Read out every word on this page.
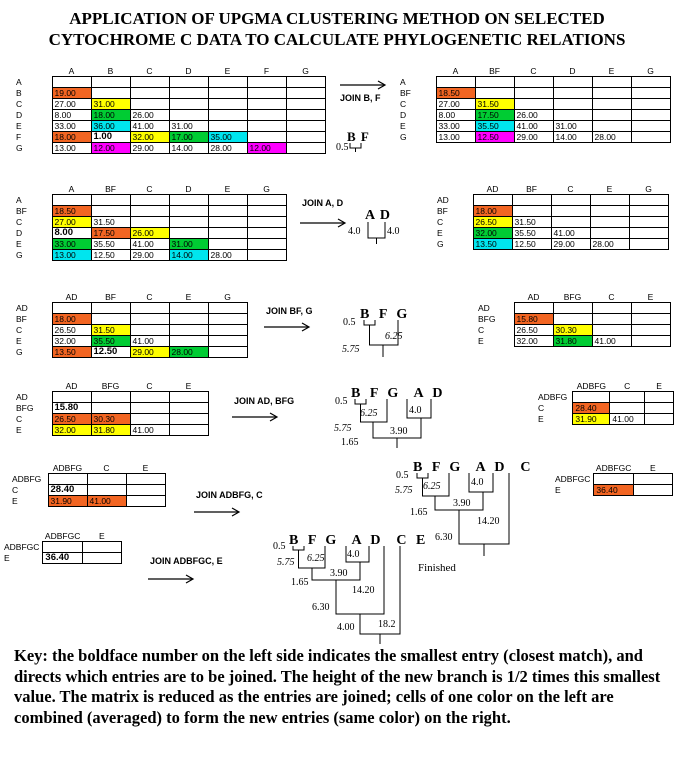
APPLICATION OF UPGMA CLUSTERING METHOD ON SELECTED
CYTOCHROME C DATA TO CALCULATE PHYLOGENETIC RELATIONS
	A	B	C	D	E	F	G
A							
B	19.00						
C	27.00	31.00					
D	8.00	18.00	26.00				
E	33.00	36.00	41.00	31.00			
F	18.00	1.00	32.00	17.00	35.00		
G	13.00	12.00	29.00	14.00	28.00	12.00	
	A	BF	C	D	E	G
A						
BF	18.50					
C	27.00	31.50				
D	8.00	17.50	26.00			
E	33.00	35.50	41.00	31.00		
G	13.00	12.50	29.00	14.00	28.00	
	A	BF	C	D	E	G
A						
BF	18.50					
C	27.00	31.50				
D	8.00	17.50	26.00			
E	33.00	35.50	41.00	31.00		
G	13.00	12.50	29.00	14.00	28.00	
	AD	BF	C	E	G
AD					
BF	18.00				
C	26.50	31.50			
E	32.00	35.50	41.00		
G	13.50	12.50	29.00	28.00	
	AD	BF	C	E	G
AD					
BF	18.00				
C	26.50	31.50			
E	32.00	35.50	41.00		
G	13.50	12.50	29.00	28.00	
	AD	BFG	C	E
AD				
BFG	15.80			
C	26.50	30.30		
E	32.00	31.80	41.00	
	AD	BFG	C	E
AD				
BFG	15.80			
C	26.50	30.30		
E	32.00	31.80	41.00	
	ADBFG	C	E
ADBFG			
C	28.40		
E	31.90	41.00	
	ADBFG	C	E
ADBFG			
C	28.40		
E	31.90	41.00	
	ADBFGC	E
ADBFGC		
E	36.40	
	ADBFGC	E
ADBFGC		
E	36.40	
JOIN B, F
JOIN A, D
JOIN BF, G
JOIN AD, BFG
JOIN ADBFG, C
JOIN ADBFGC, E
B F
0.5
A D
4.0	4.0
B F G
0.5
5.75
6.25
B F G  A D
0.5
5.75
6.25	4.0
3.90
1.65
B F G  A D  C
0.5
5.75 6.25	4.0
3.90
1.65
14.20
6.30
Finished
B F G  A D  C E
0.5
5.75 6.25 4.0
3.90
1.65
14.20
6.30
4.00 18.2
Key: the boldface number on the left side indicates the smallest entry (closest match), and directs which entries are to be joined. The height of the new branch is 1/2 times this smallest value. The matrix is reduced as the entries are joined; cells of one color on the left are combined (averaged) to form the new entries (same color) on the right.
